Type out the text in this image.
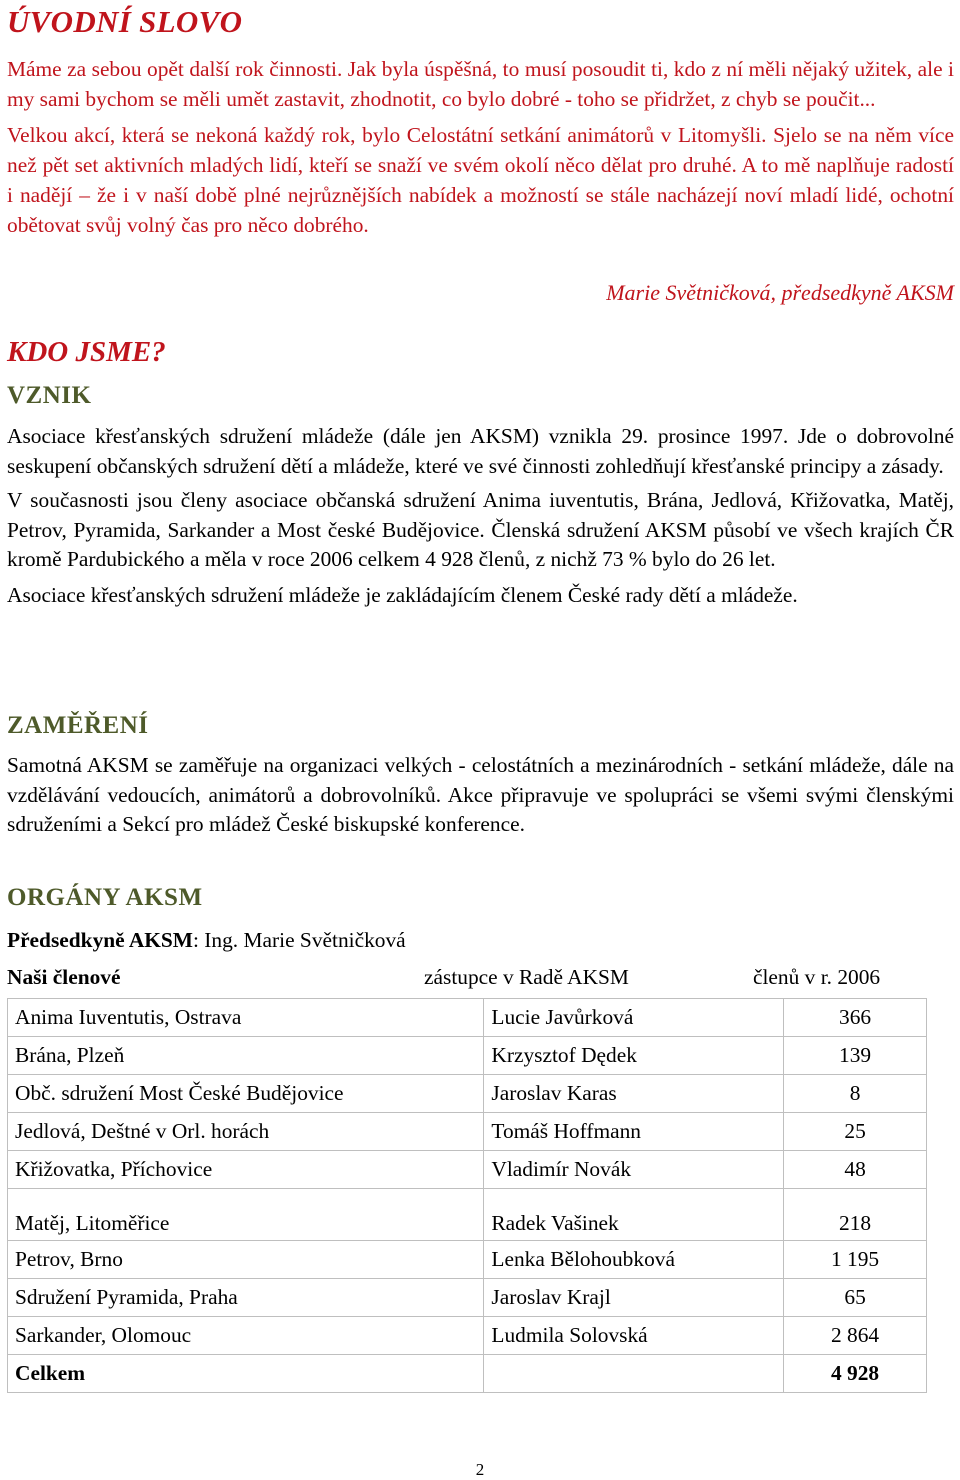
ÚVODNÍ SLOVO

Máme za sebou opět další rok činnosti. Jak byla úspěšná, to musí posoudit ti, kdo z ní měli nějaký užitek, ale i my sami bychom se měli umět zastavit, zhodnotit, co bylo dobré - toho se přidržet, z chyb se poučit...

Velkou akcí, která se nekoná každý rok, bylo Celostátní setkání animátorů v Litomyšli. Sjelo se na něm více než pět set aktivních mladých lidí, kteří se snaží ve svém okolí něco dělat pro druhé. A to mě naplňuje radostí i nadějí – že i v naší době plné nejrůznějších nabídek a možností se stále nacházejí noví mladí lidé, ochotní obětovat svůj volný čas pro něco dobrého.

Marie Světničková, předsedkyně AKSM
KDO JSME?
VZNIK

Asociace křesťanských sdružení mládeže (dále jen AKSM) vznikla 29. prosince 1997. Jde o dobrovolné seskupení občanských sdružení dětí a mládeže, které ve své činnosti zohledňují křesťanské principy a zásady.

V současnosti jsou členy asociace občanská sdružení Anima iuventutis, Brána, Jedlová, Křižovatka, Matěj, Petrov, Pyramida, Sarkander a Most české Budějovice. Členská sdružení AKSM působí ve všech krajích ČR kromě Pardubického a měla v roce 2006 celkem 4 928 členů, z nichž 73 % bylo do 26 let.

Asociace křesťanských sdružení mládeže je zakládajícím členem České rady dětí a mládeže.

ZAMĚŘENÍ

Samotná AKSM se zaměřuje na organizaci velkých - celostátních a mezinárodních - setkání mládeže, dále na vzdělávání vedoucích, animátorů a dobrovolníků. Akce připravuje ve spolupráci se všemi svými členskými sdruženími a Sekcí pro mládež České biskupské konference.

ORGÁNY AKSM
Předsedkyně AKSM: Ing. Marie Světničková
Naši členové	zástupce v Radě AKSM	členů v r. 2006
Anima Iuventutis, Ostrava	Lucie Javůrková	366
Brána, Plzeň	Krzysztof Dędek	139
Obč. sdružení Most České Budějovice	Jaroslav Karas	8
Jedlová, Deštné v Orl. horách	Tomáš Hoffmann	25
Křižovatka, Příchovice	Vladimír Novák	48
Matěj, Litoměřice	Radek Vašinek	218
Petrov, Brno	Lenka Bělohoubková	1 195
Sdružení Pyramida, Praha	Jaroslav Krajl	65
Sarkander, Olomouc	Ludmila Solovská	2 864
Celkem		4 928
2
